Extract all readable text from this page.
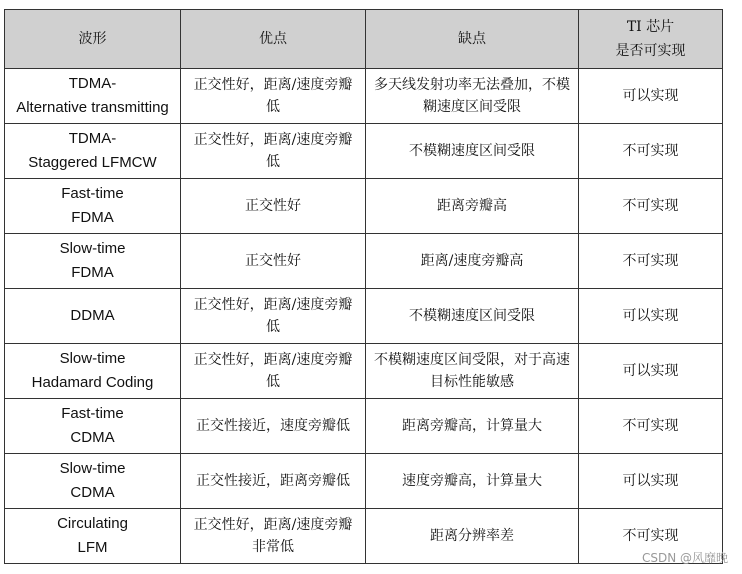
波形	优点	缺点	TI 芯片
是否可实现

TDMA-
Alternative transmitting	正交性好，距离/速度旁瓣低	多天线发射功率无法叠加，不模糊速度区间受限	可以实现

TDMA-
Staggered LFMCW	正交性好，距离/速度旁瓣低	不模糊速度区间受限	不可实现

Fast-time
FDMA	正交性好	距离旁瓣高	不可实现

Slow-time
FDMA	正交性好	距离/速度旁瓣高	不可实现

DDMA	正交性好，距离/速度旁瓣低	不模糊速度区间受限	可以实现

Slow-time
Hadamard Coding	正交性好，距离/速度旁瓣低	不模糊速度区间受限，对于高速目标性能敏感	可以实现

Fast-time
CDMA	正交性接近，速度旁瓣低	距离旁瓣高，计算量大	不可实现

Slow-time
CDMA	正交性接近，距离旁瓣低	速度旁瓣高，计算量大	可以实现

Circulating
LFM	正交性好，距离/速度旁瓣非常低	距离分辨率差	不可实现
CSDN @风靡晚
